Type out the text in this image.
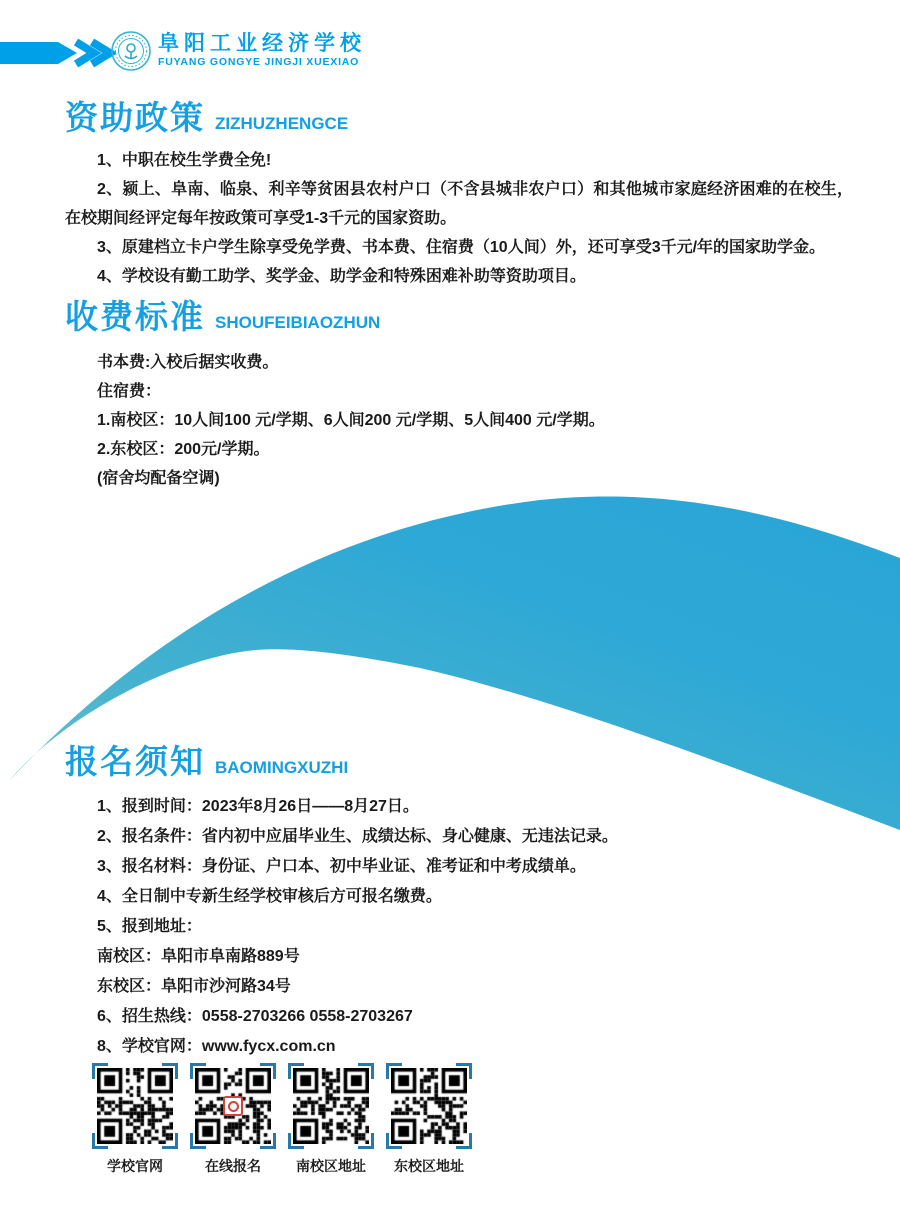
阜阳工业经济学校
FUYANG GONGYE JINGJI XUEXIAO
资助政策 ZIZHUZHENGCE

1、中职在校生学费全免!

2、颍上、阜南、临泉、利辛等贫困县农村户口（不含县城非农户口）和其他城市家庭经济困难的在校生，在校期间经评定每年按政策可享受1-3千元的国家资助。

3、原建档立卡户学生除享受免学费、书本费、住宿费（10人间）外，还可享受3千元/年的国家助学金。

4、学校设有勤工助学、奖学金、助学金和特殊困难补助等资助项目。

收费标准 SHOUFEIBIAOZHUN

书本费:入校后据实收费。

住宿费：

1.南校区：10人间100 元/学期、6人间200 元/学期、5人间400 元/学期。

2.东校区：200元/学期。

(宿舍均配备空调)

报名须知 BAOMINGXUZHI

1、报到时间：2023年8月26日——8月27日。

2、报名条件：省内初中应届毕业生、成绩达标、身心健康、无违法记录。

3、报名材料：身份证、户口本、初中毕业证、准考证和中考成绩单。

4、全日制中专新生经学校审核后方可报名缴费。

5、报到地址：

南校区：阜阳市阜南路889号

东校区：阜阳市沙河路34号

6、招生热线：0558-2703266 0558-2703267

8、学校官网：www.fycx.com.cn

学校官网	在线报名	南校区地址 东校区地址
